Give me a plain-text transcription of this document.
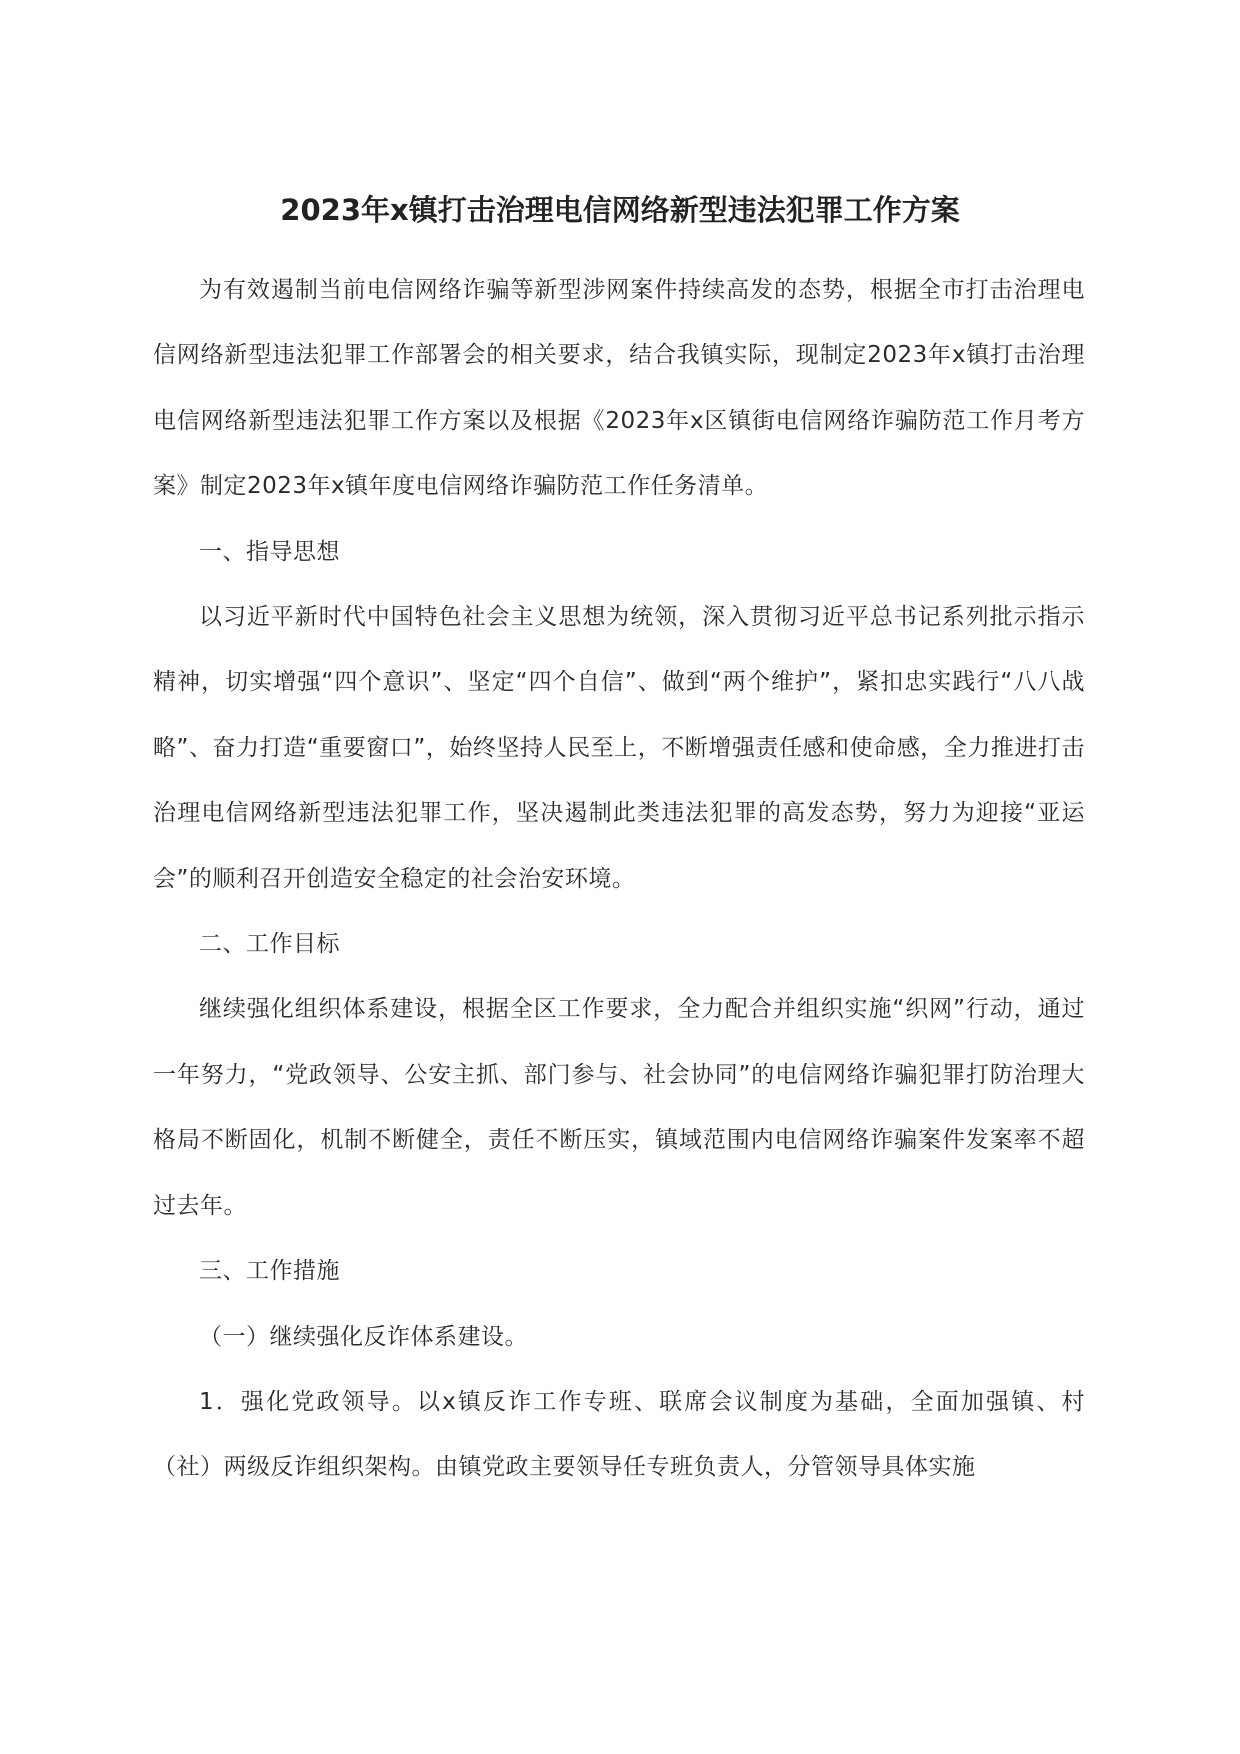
2023年x镇打击治理电信网络新型违法犯罪工作方案

为有效遏制当前电信网络诈骗等新型涉网案件持续高发的态势，根据全市打击治理电信网络新型违法犯罪工作部署会的相关要求，结合我镇实际，现制定2023年x镇打击治理电信网络新型违法犯罪工作方案以及根据《2023年x区镇街电信网络诈骗防范工作月考方案》制定2023年x镇年度电信网络诈骗防范工作任务清单。

一、指导思想

以习近平新时代中国特色社会主义思想为统领，深入贯彻习近平总书记系列批示指示精神，切实增强“四个意识”、坚定“四个自信”、做到“两个维护”，紧扣忠实践行“八八战略”、奋力打造“重要窗口”，始终坚持人民至上，不断增强责任感和使命感，全力推进打击治理电信网络新型违法犯罪工作，坚决遏制此类违法犯罪的高发态势，努力为迎接“亚运会”的顺利召开创造安全稳定的社会治安环境。

二、工作目标

继续强化组织体系建设，根据全区工作要求，全力配合并组织实施“织网”行动，通过一年努力，“党政领导、公安主抓、部门参与、社会协同”的电信网络诈骗犯罪打防治理大格局不断固化，机制不断健全，责任不断压实，镇域范围内电信网络诈骗案件发案率不超过去年。

三、工作措施

（一）继续强化反诈体系建设。

1．强化党政领导。以x镇反诈工作专班、联席会议制度为基础，全面加强镇、村（社）两级反诈组织架构。由镇党政主要领导任专班负责人，分管领导具体实施
